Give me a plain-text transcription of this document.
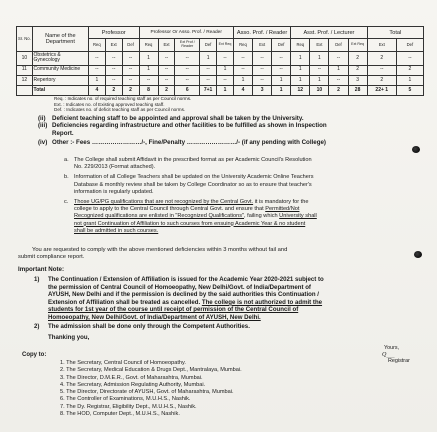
Sr. No.	Name of the Department	Professor			Professor Or Asso. Prof. / Reader					Asso. Prof. / Reader			Asst. Prof. / Lecturer				Total	
		Req	Ext	Def	Req	Ext	Ext Prof / Reader	Def	Ext Req	Req	Ext	Def	Req	Ext	Def	Ext Req	Ext	Def
10	Obstetrics & Gynecology	--	--	--	1	--	--	1	--	--	--	--	1	1	--	2	2	--
11	Community Medicine	--	--	--	1	--	--	--	1	--	--	--	1	--	1	2	--	2
12	Repertory	1	--	--	--	--	--	--	--	1	--	1	1	1	--	3	2	1
	Total	4	2	2	8	2	6	7+1	1	4	3	1	12	10	2	28	22+ 1	5
Req. : Indicates no. of required teaching staff as per Council norms.
Ext. : Indicates no. of Existing approved teaching staff.
Def. : Indicates no. of deficit teaching staff as per Council norms.
(ii) Deficient teaching staff to be appointed and approval shall be taken by the University.
(iii) Deficiencies regarding infrastructure and other facilities to be fulfilled as shown in Inspection
Report.
(iv) Other :- Fees ……………………/-, Fine/Penalty ……………………/- (if any pending with College)
a. The College shall submit Affidavit in the prescribed format as per Academic Council's Resolution
No. 229/2013 (Format attached).
b. Information of all College Teachers shall be updated on the University Academic Online Teachers
Database & monthly review shall be taken by College Coordinator so as to ensure that teacher's
information is regularly updated.
c. Those UG/PG qualifications that are not recognized by the Central Govt. it is mandatory for the
college to apply to the Central Council through Central Govt. and ensure that Permitted/Not
Recognized qualifications are enlisted in "Recognized Qualifications", failing which University shall
not grant Continuation of Affiliation to such courses from ensuing Academic Year & no student
shall be admitted in such courses.
You are requested to comply with the above mentioned deficiencies within 3 months without fail and
submit compliance report.
Important Note:
1) The Continuation / Extension of Affiliation is issued for the Academic Year 2020-2021 subject to
the permission of Central Council of Homoeopathy, New Delhi/Govt. of India/Department of
AYUSH, New Delhi and if the permission is declined by the said authorities this Continuation /
Extension of Affiliation shall be treated as cancelled. The college is not authorized to admit the
students for 1st year of the course until receipt of permission of the Central Council of
Homoeopathy, New Delhi/Govt. of India/Department of AYUSH, New Delhi.
2) The admission shall be done only through the Competent Authorities.
Thanking you,
Yours,
Q___
Registrar
Copy to:
1. The Secretary, Central Council of Homoeopathy.
2. The Secretary, Medical Education & Drugs Dept., Mantralaya, Mumbai.
3. The Director, D.M.E.R., Govt. of Maharashtra, Mumbai.
4. The Secretary, Admission Regulating Authority, Mumbai.
5. The Director, Directorate of AYUSH, Govt. of Maharashtra, Mumbai.
6. The Controller of Examinations, M.U.H.S., Nashik.
7. The Dy. Registrar, Eligibility Dept., M.U.H.S., Nashik.
8. The HOD, Computer Dept., M.U.H.S., Nashik.
